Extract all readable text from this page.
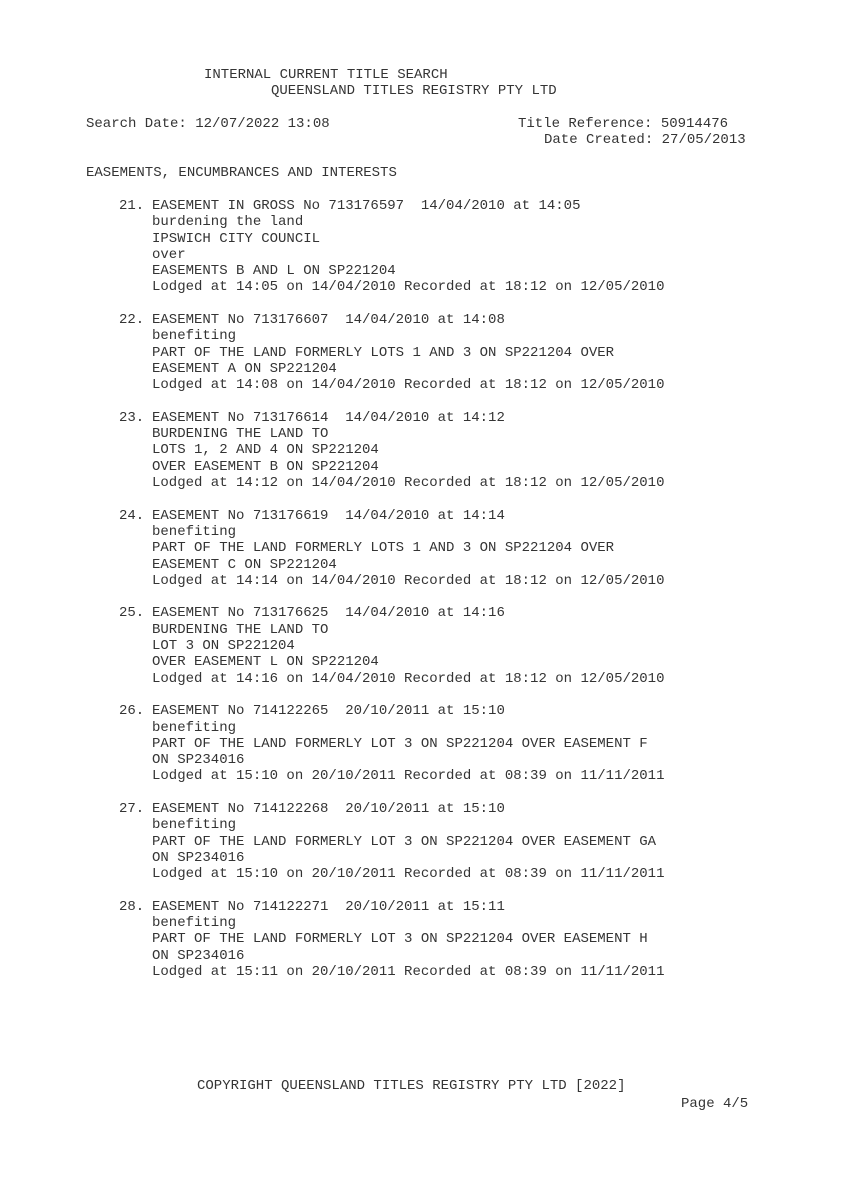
INTERNAL CURRENT TITLE SEARCH
QUEENSLAND TITLES REGISTRY PTY LTD
Search Date: 12/07/2022 13:08	Title Reference: 50914476
Date Created: 27/05/2013
EASEMENTS, ENCUMBRANCES AND INTERESTS
21. EASEMENT IN GROSS No 713176597  14/04/2010 at 14:05
burdening the land
IPSWICH CITY COUNCIL
over
EASEMENTS B AND L ON SP221204
Lodged at 14:05 on 14/04/2010 Recorded at 18:12 on 12/05/2010
22. EASEMENT No 713176607  14/04/2010 at 14:08
benefiting
PART OF THE LAND FORMERLY LOTS 1 AND 3 ON SP221204 OVER
EASEMENT A ON SP221204
Lodged at 14:08 on 14/04/2010 Recorded at 18:12 on 12/05/2010
23. EASEMENT No 713176614  14/04/2010 at 14:12
BURDENING THE LAND TO
LOTS 1, 2 AND 4 ON SP221204
OVER EASEMENT B ON SP221204
Lodged at 14:12 on 14/04/2010 Recorded at 18:12 on 12/05/2010
24. EASEMENT No 713176619  14/04/2010 at 14:14
benefiting
PART OF THE LAND FORMERLY LOTS 1 AND 3 ON SP221204 OVER
EASEMENT C ON SP221204
Lodged at 14:14 on 14/04/2010 Recorded at 18:12 on 12/05/2010
25. EASEMENT No 713176625  14/04/2010 at 14:16
BURDENING THE LAND TO
LOT 3 ON SP221204
OVER EASEMENT L ON SP221204
Lodged at 14:16 on 14/04/2010 Recorded at 18:12 on 12/05/2010
26. EASEMENT No 714122265  20/10/2011 at 15:10
benefiting
PART OF THE LAND FORMERLY LOT 3 ON SP221204 OVER EASEMENT F
ON SP234016
Lodged at 15:10 on 20/10/2011 Recorded at 08:39 on 11/11/2011
27. EASEMENT No 714122268  20/10/2011 at 15:10
benefiting
PART OF THE LAND FORMERLY LOT 3 ON SP221204 OVER EASEMENT GA
ON SP234016
Lodged at 15:10 on 20/10/2011 Recorded at 08:39 on 11/11/2011
28. EASEMENT No 714122271  20/10/2011 at 15:11
benefiting
PART OF THE LAND FORMERLY LOT 3 ON SP221204 OVER EASEMENT H
ON SP234016
Lodged at 15:11 on 20/10/2011 Recorded at 08:39 on 11/11/2011
COPYRIGHT QUEENSLAND TITLES REGISTRY PTY LTD [2022]
Page 4/5
